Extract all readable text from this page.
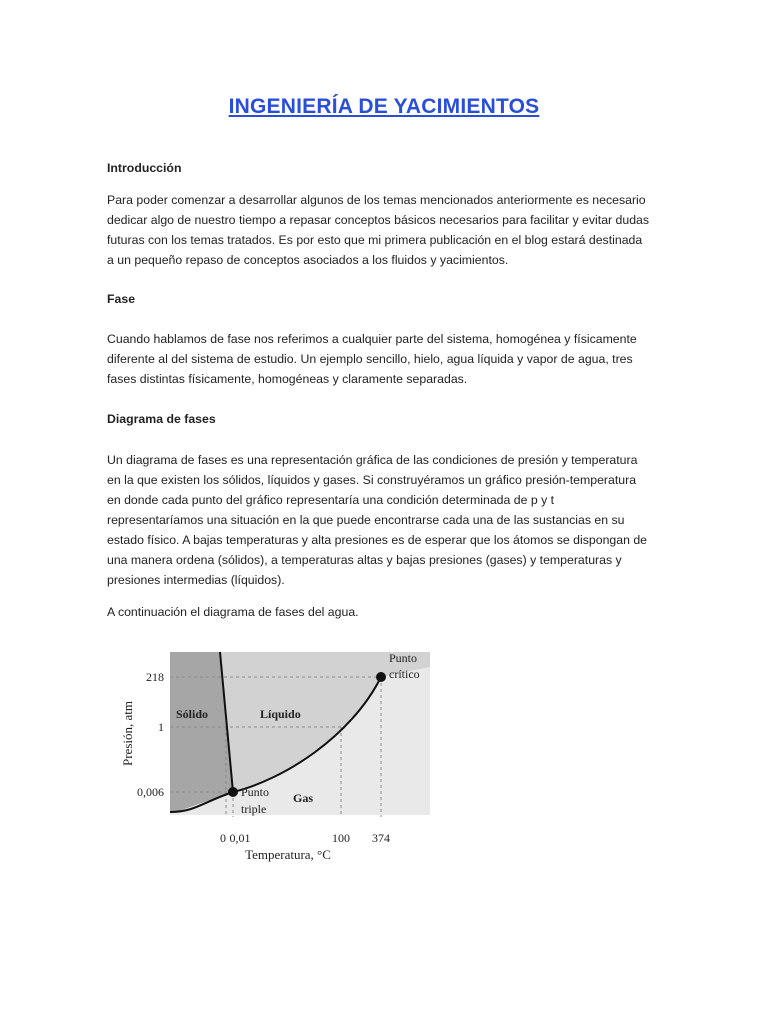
INGENIERÍA DE YACIMIENTOS
Introducción
Para poder comenzar a desarrollar algunos de los temas mencionados anteriormente es necesario
dedicar algo de nuestro tiempo a repasar conceptos básicos necesarios para facilitar y evitar dudas
futuras con los temas tratados. Es por esto que mi primera publicación en el blog estará destinada
a un pequeño repaso de conceptos asociados a los fluidos y yacimientos.
Fase
Cuando hablamos de fase nos referimos a cualquier parte del sistema, homogénea y físicamente
diferente al del sistema de estudio. Un ejemplo sencillo, hielo, agua líquida y vapor de agua, tres
fases distintas físicamente, homogéneas y claramente separadas.
Diagrama de fases
Un diagrama de fases es una representación gráfica de las condiciones de presión y temperatura
en la que existen los sólidos, líquidos y gases. Si construyéramos un gráfico presión-temperatura
en donde cada punto del gráfico representaría una condición determinada de p y t
representaríamos una situación en la que puede encontrarse cada una de las sustancias en su
estado físico. A bajas temperaturas y alta presiones es de esperar que los átomos se dispongan de
una manera ordena (sólidos), a temperaturas altas y bajas presiones (gases) y temperaturas y
presiones intermedias (líquidos).
A continuación el diagrama de fases del agua.
Sólido	Líquido
Gas
Punto
triple
Punto
crítico
218
1
0,006
0 0,01	100 374
Temperatura, °C
Presión, atm
